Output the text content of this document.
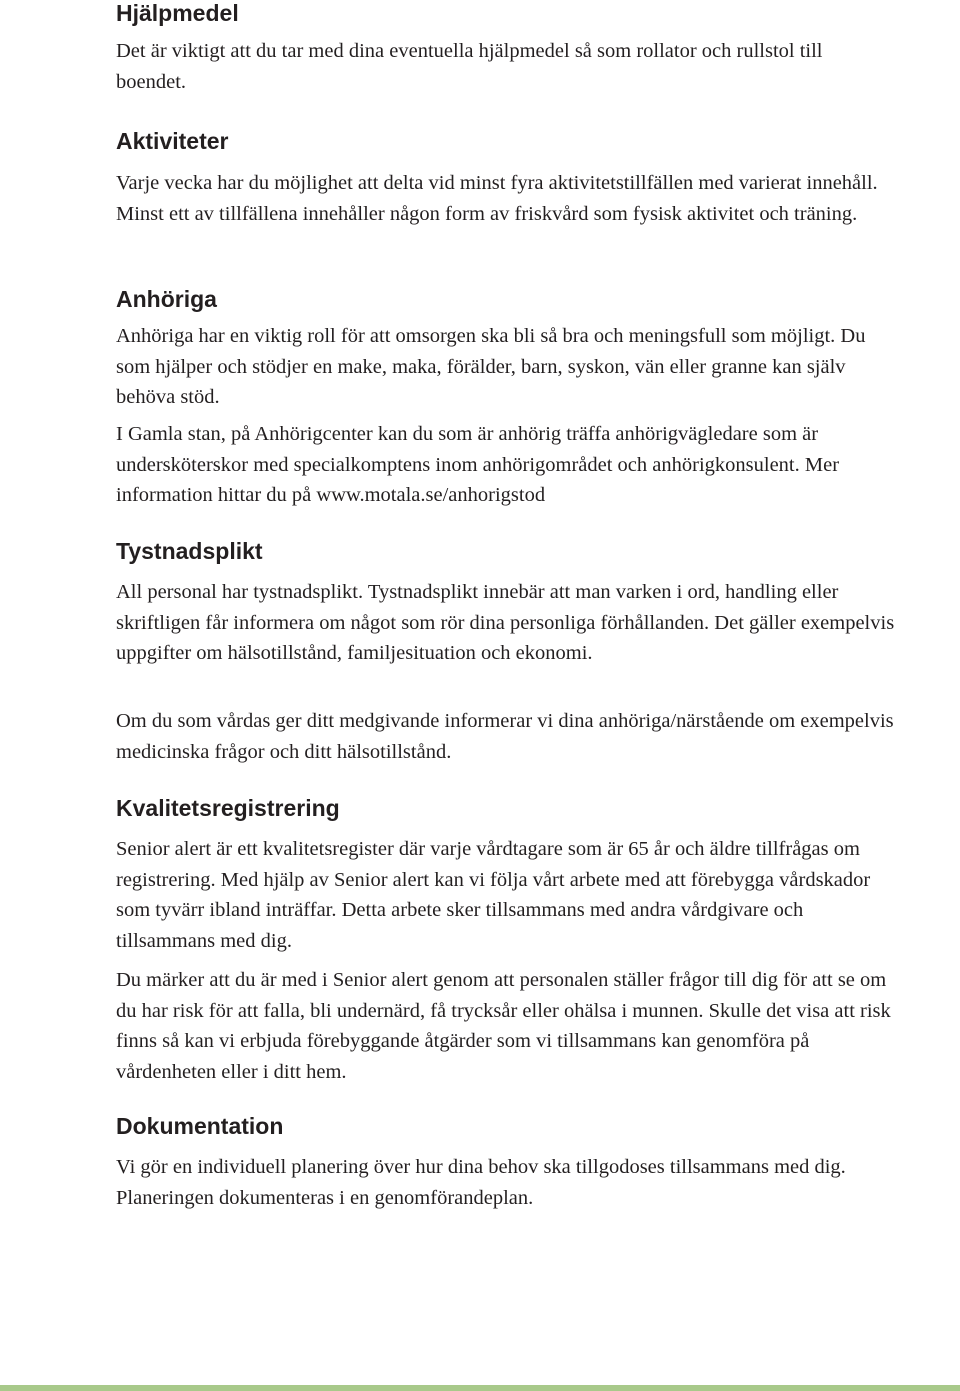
Hjälpmedel

Det är viktigt att du tar med dina eventuella hjälpmedel så som rollator och rullstol till boendet.

Aktiviteter

Varje vecka har du möjlighet att delta vid minst fyra aktivitetstillfällen med varierat innehåll. Minst ett av tillfällena innehåller någon form av friskvård som fysisk aktivitet och träning.

Anhöriga

Anhöriga har en viktig roll för att omsorgen ska bli så bra och meningsfull som möjligt. Du som hjälper och stödjer en make, maka, förälder, barn, syskon, vän eller granne kan själv behöva stöd.

I Gamla stan, på Anhörigcenter kan du som är anhörig träffa anhörigvägledare som är undersköterskor med specialkomptens inom anhörigområdet och anhörigkonsulent. Mer information hittar du på www.motala.se/anhorigstod

Tystnadsplikt

All personal har tystnadsplikt. Tystnadsplikt innebär att man varken i ord, handling eller skriftligen får informera om något som rör dina personliga förhållanden. Det gäller exempelvis uppgifter om hälsotillstånd, familjesituation och ekonomi.

Om du som vårdas ger ditt medgivande informerar vi dina anhöriga/närstående om exempelvis medicinska frågor och ditt hälsotillstånd.

Kvalitetsregistrering

Senior alert är ett kvalitetsregister där varje vårdtagare som är 65 år och äldre tillfrågas om registrering. Med hjälp av Senior alert kan vi följa vårt arbete med att förebygga vårdskador som tyvärr ibland inträffar. Detta arbete sker tillsammans med andra vårdgivare och tillsammans med dig.

Du märker att du är med i Senior alert genom att personalen ställer frågor till dig för att se om du har risk för att falla, bli undernärd, få trycksår eller ohälsa i munnen. Skulle det visa att risk finns så kan vi erbjuda förebyggande åtgärder som vi tillsammans kan genomföra på vårdenheten eller i ditt hem.

Dokumentation

Vi gör en individuell planering över hur dina behov ska tillgodoses tillsammans med dig. Planeringen dokumenteras i en genomförandeplan.
